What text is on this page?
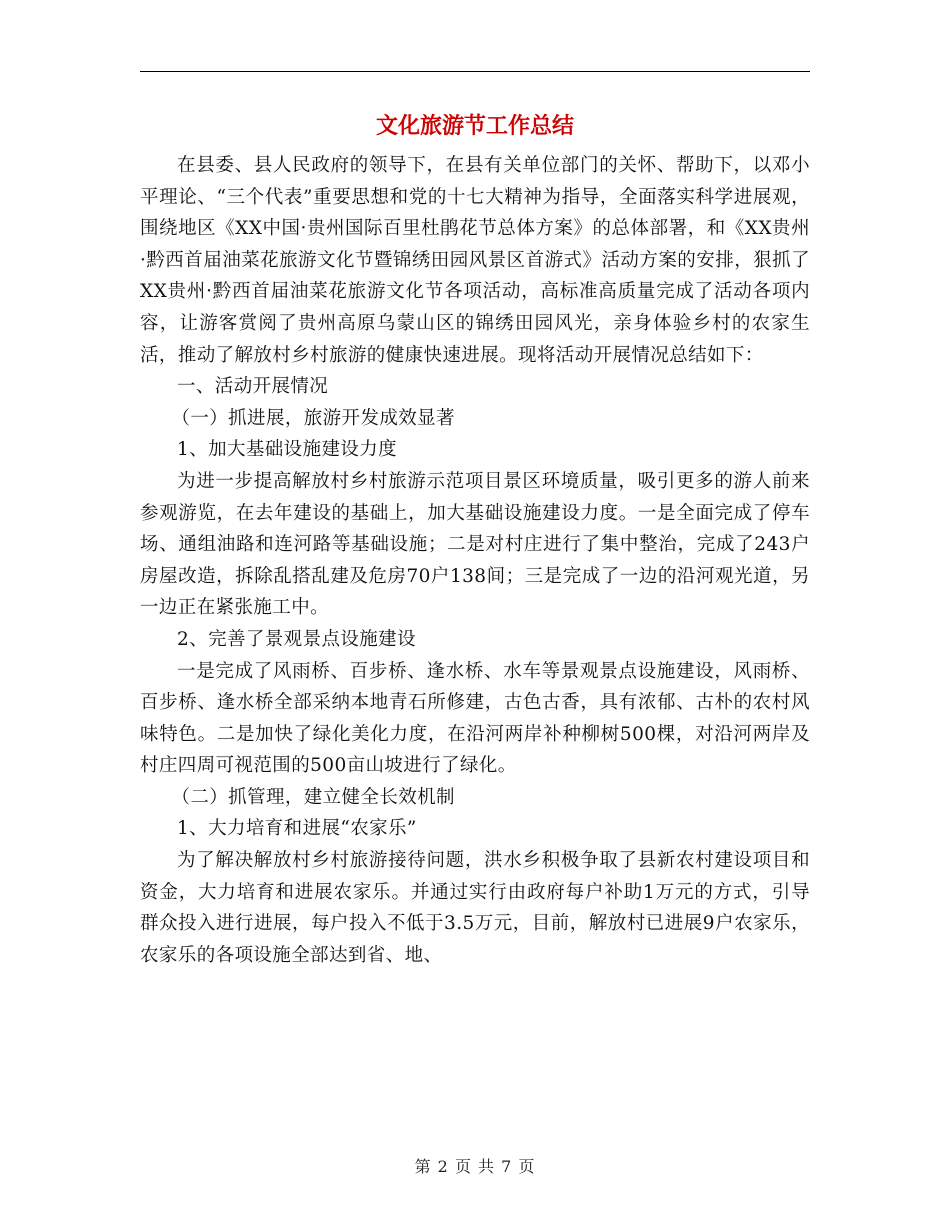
文化旅游节工作总结

在县委、县人民政府的领导下，在县有关单位部门的关怀、帮助下，以邓小平理论、“三个代表”重要思想和党的十七大精神为指导，全面落实科学进展观，围绕地区《XX中国·贵州国际百里杜鹃花节总体方案》的总体部署，和《XX贵州·黔西首届油菜花旅游文化节暨锦绣田园风景区首游式》活动方案的安排，狠抓了XX贵州·黔西首届油菜花旅游文化节各项活动，高标准高质量完成了活动各项内容，让游客赏阅了贵州高原乌蒙山区的锦绣田园风光，亲身体验乡村的农家生活，推动了解放村乡村旅游的健康快速进展。现将活动开展情况总结如下：

一、活动开展情况

（一）抓进展，旅游开发成效显著

1、加大基础设施建设力度

为进一步提高解放村乡村旅游示范项目景区环境质量，吸引更多的游人前来参观游览，在去年建设的基础上，加大基础设施建设力度。一是全面完成了停车场、通组油路和连河路等基础设施；二是对村庄进行了集中整治，完成了243户房屋改造，拆除乱搭乱建及危房70户138间；三是完成了一边的沿河观光道，另一边正在紧张施工中。

2、完善了景观景点设施建设

一是完成了风雨桥、百步桥、逢水桥、水车等景观景点设施建设，风雨桥、百步桥、逢水桥全部采纳本地青石所修建，古色古香，具有浓郁、古朴的农村风味特色。二是加快了绿化美化力度，在沿河两岸补种柳树500棵，对沿河两岸及村庄四周可视范围的500亩山坡进行了绿化。

（二）抓管理，建立健全长效机制

1、大力培育和进展“农家乐”

为了解决解放村乡村旅游接待问题，洪水乡积极争取了县新农村建设项目和资金，大力培育和进展农家乐。并通过实行由政府每户补助1万元的方式，引导群众投入进行进展，每户投入不低于3.5万元，目前，解放村已进展9户农家乐，农家乐的各项设施全部达到省、地、

第 2 页 共 7 页
